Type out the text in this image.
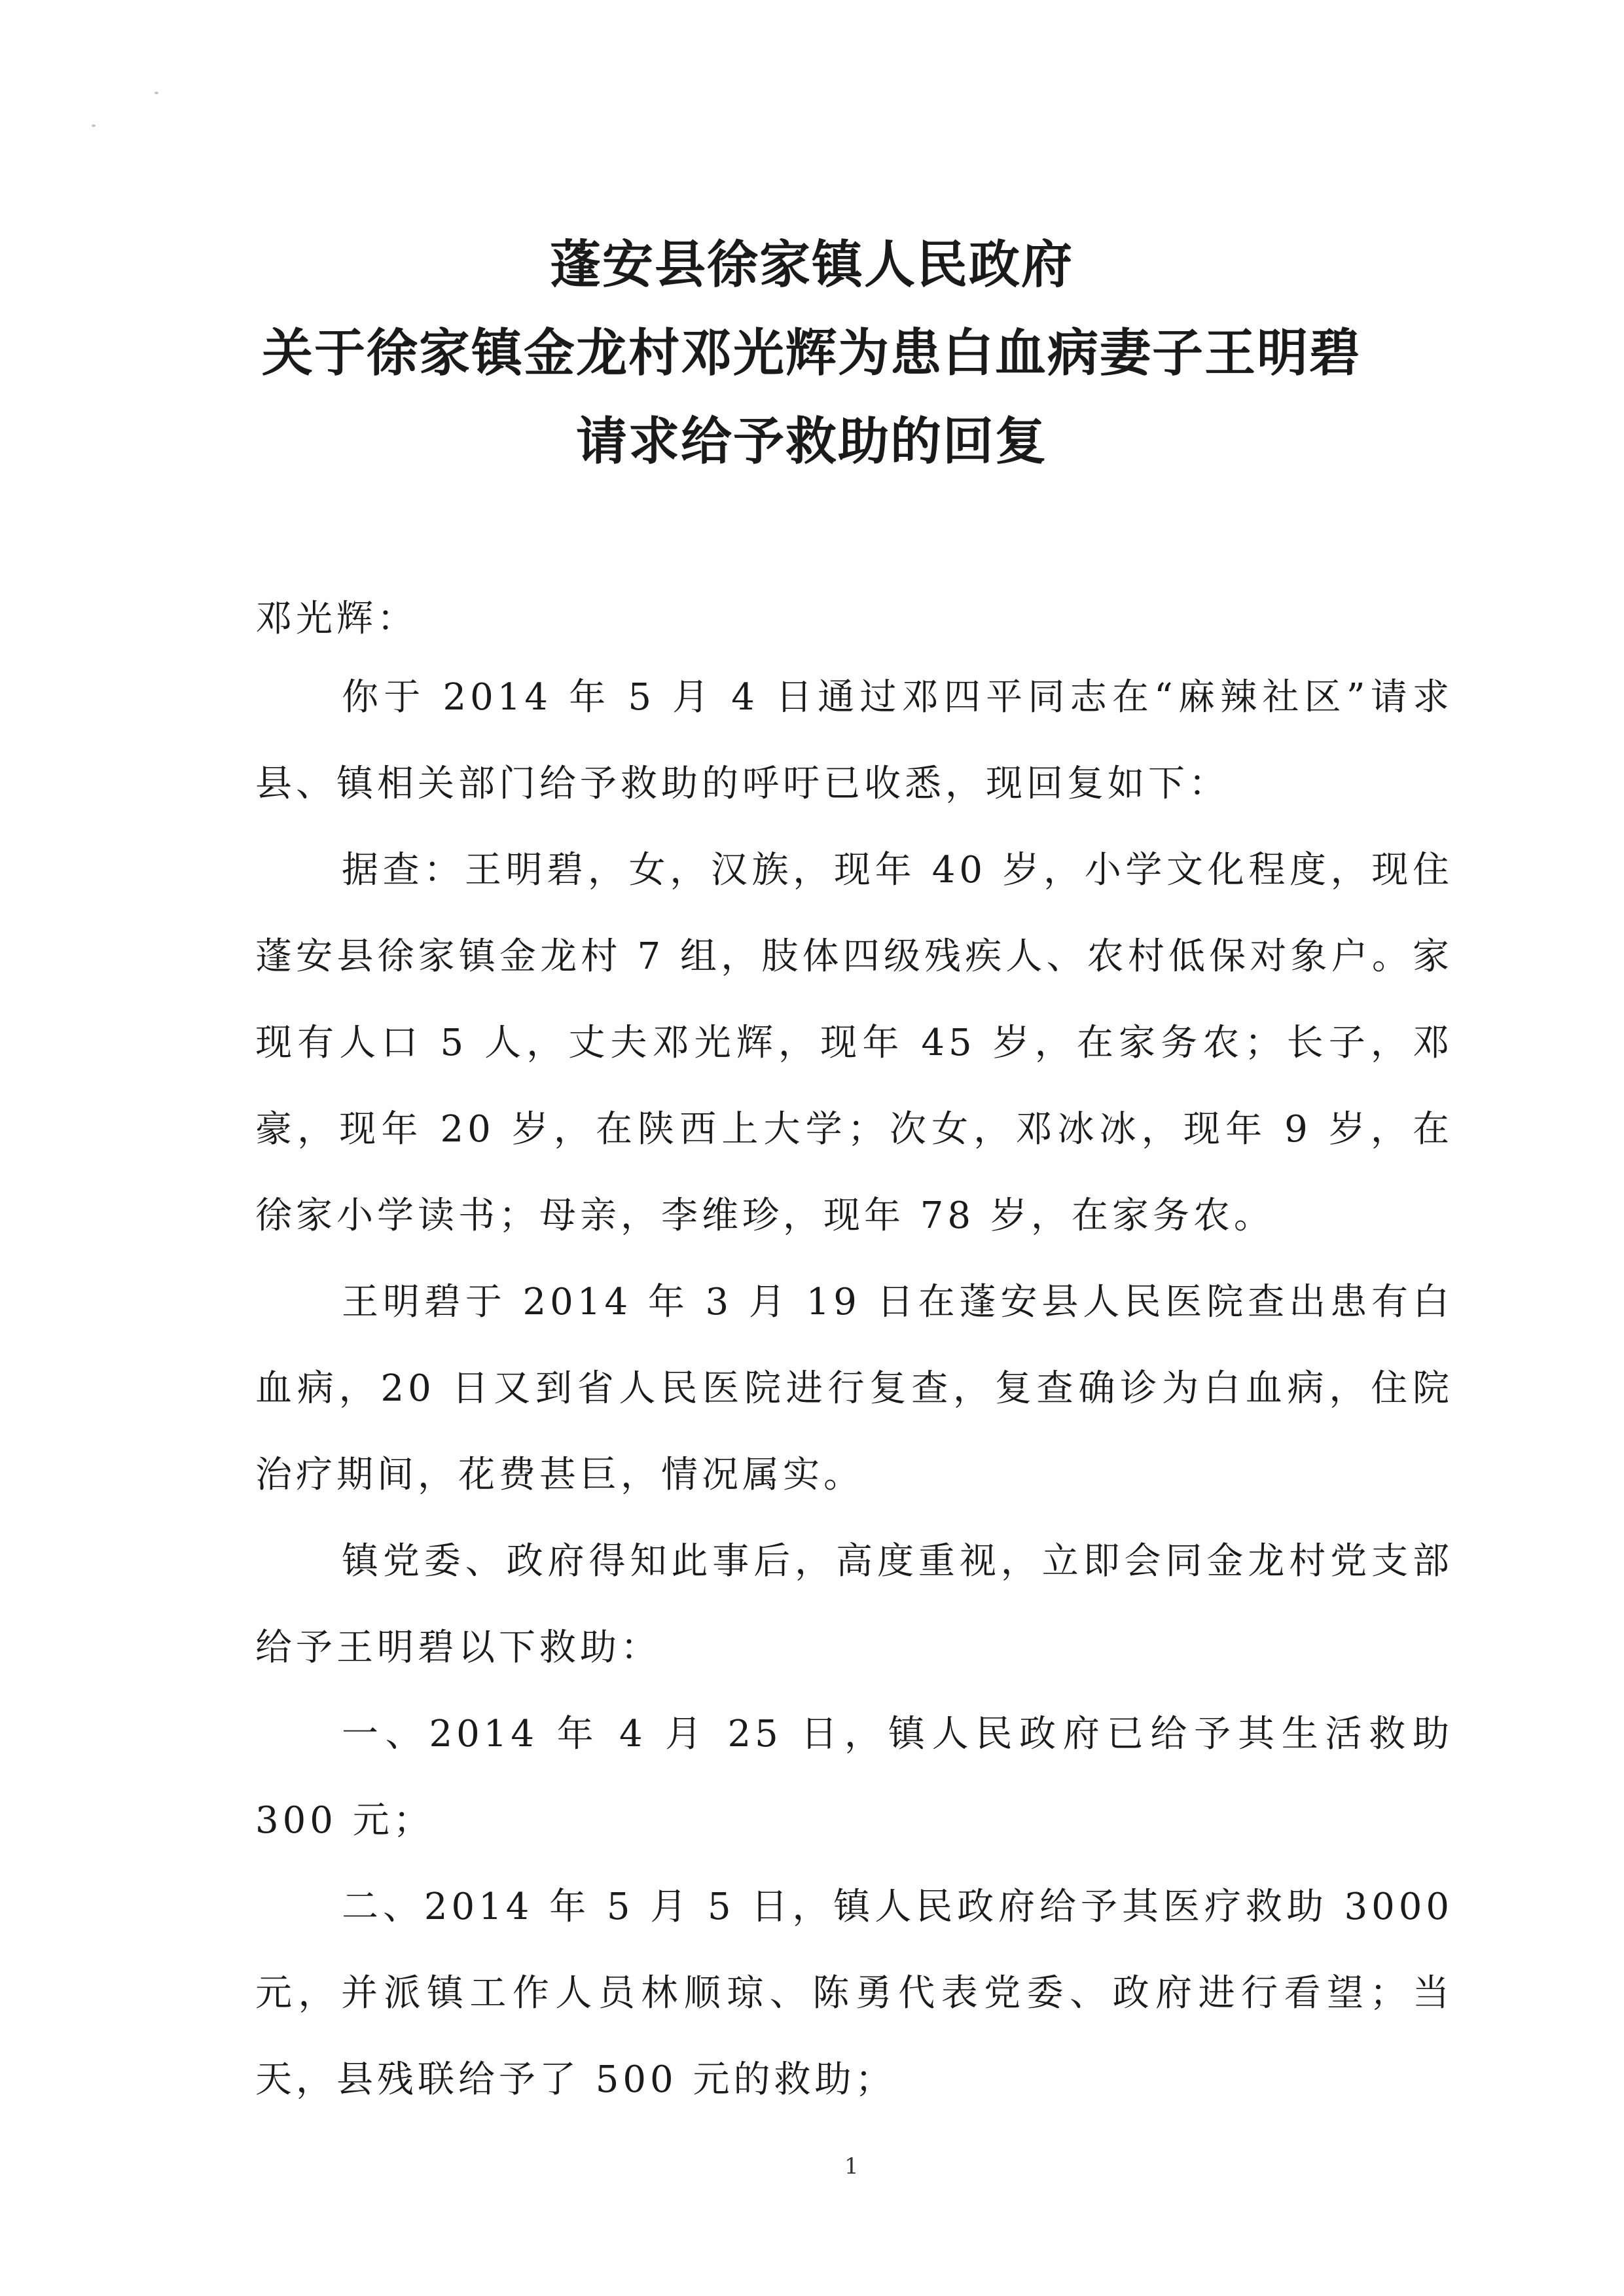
蓬安县徐家镇人民政府
关于徐家镇金龙村邓光辉为患白血病妻子王明碧
请求给予救助的回复
邓光辉：

你于 2014 年 5 月 4 日通过邓四平同志在“麻辣社区”请求县、镇相关部门给予救助的呼吁已收悉，现回复如下：

据查：王明碧，女，汉族，现年 40 岁，小学文化程度，现住蓬安县徐家镇金龙村 7 组，肢体四级残疾人、农村低保对象户。家现有人口 5 人，丈夫邓光辉，现年 45 岁，在家务农；长子，邓豪，现年 20 岁，在陕西上大学；次女，邓冰冰，现年 9 岁，在徐家小学读书；母亲，李维珍，现年 78 岁，在家务农。

王明碧于 2014 年 3 月 19 日在蓬安县人民医院查出患有白血病，20 日又到省人民医院进行复查，复查确诊为白血病，住院治疗期间，花费甚巨，情况属实。

镇党委、政府得知此事后，高度重视，立即会同金龙村党支部给予王明碧以下救助：

一、2014 年 4 月 25 日，镇人民政府已给予其生活救助 300 元；

二、2014 年 5 月 5 日，镇人民政府给予其医疗救助 3000 元，并派镇工作人员林顺琼、陈勇代表党委、政府进行看望；当天，县残联给予了 500 元的救助；

1
